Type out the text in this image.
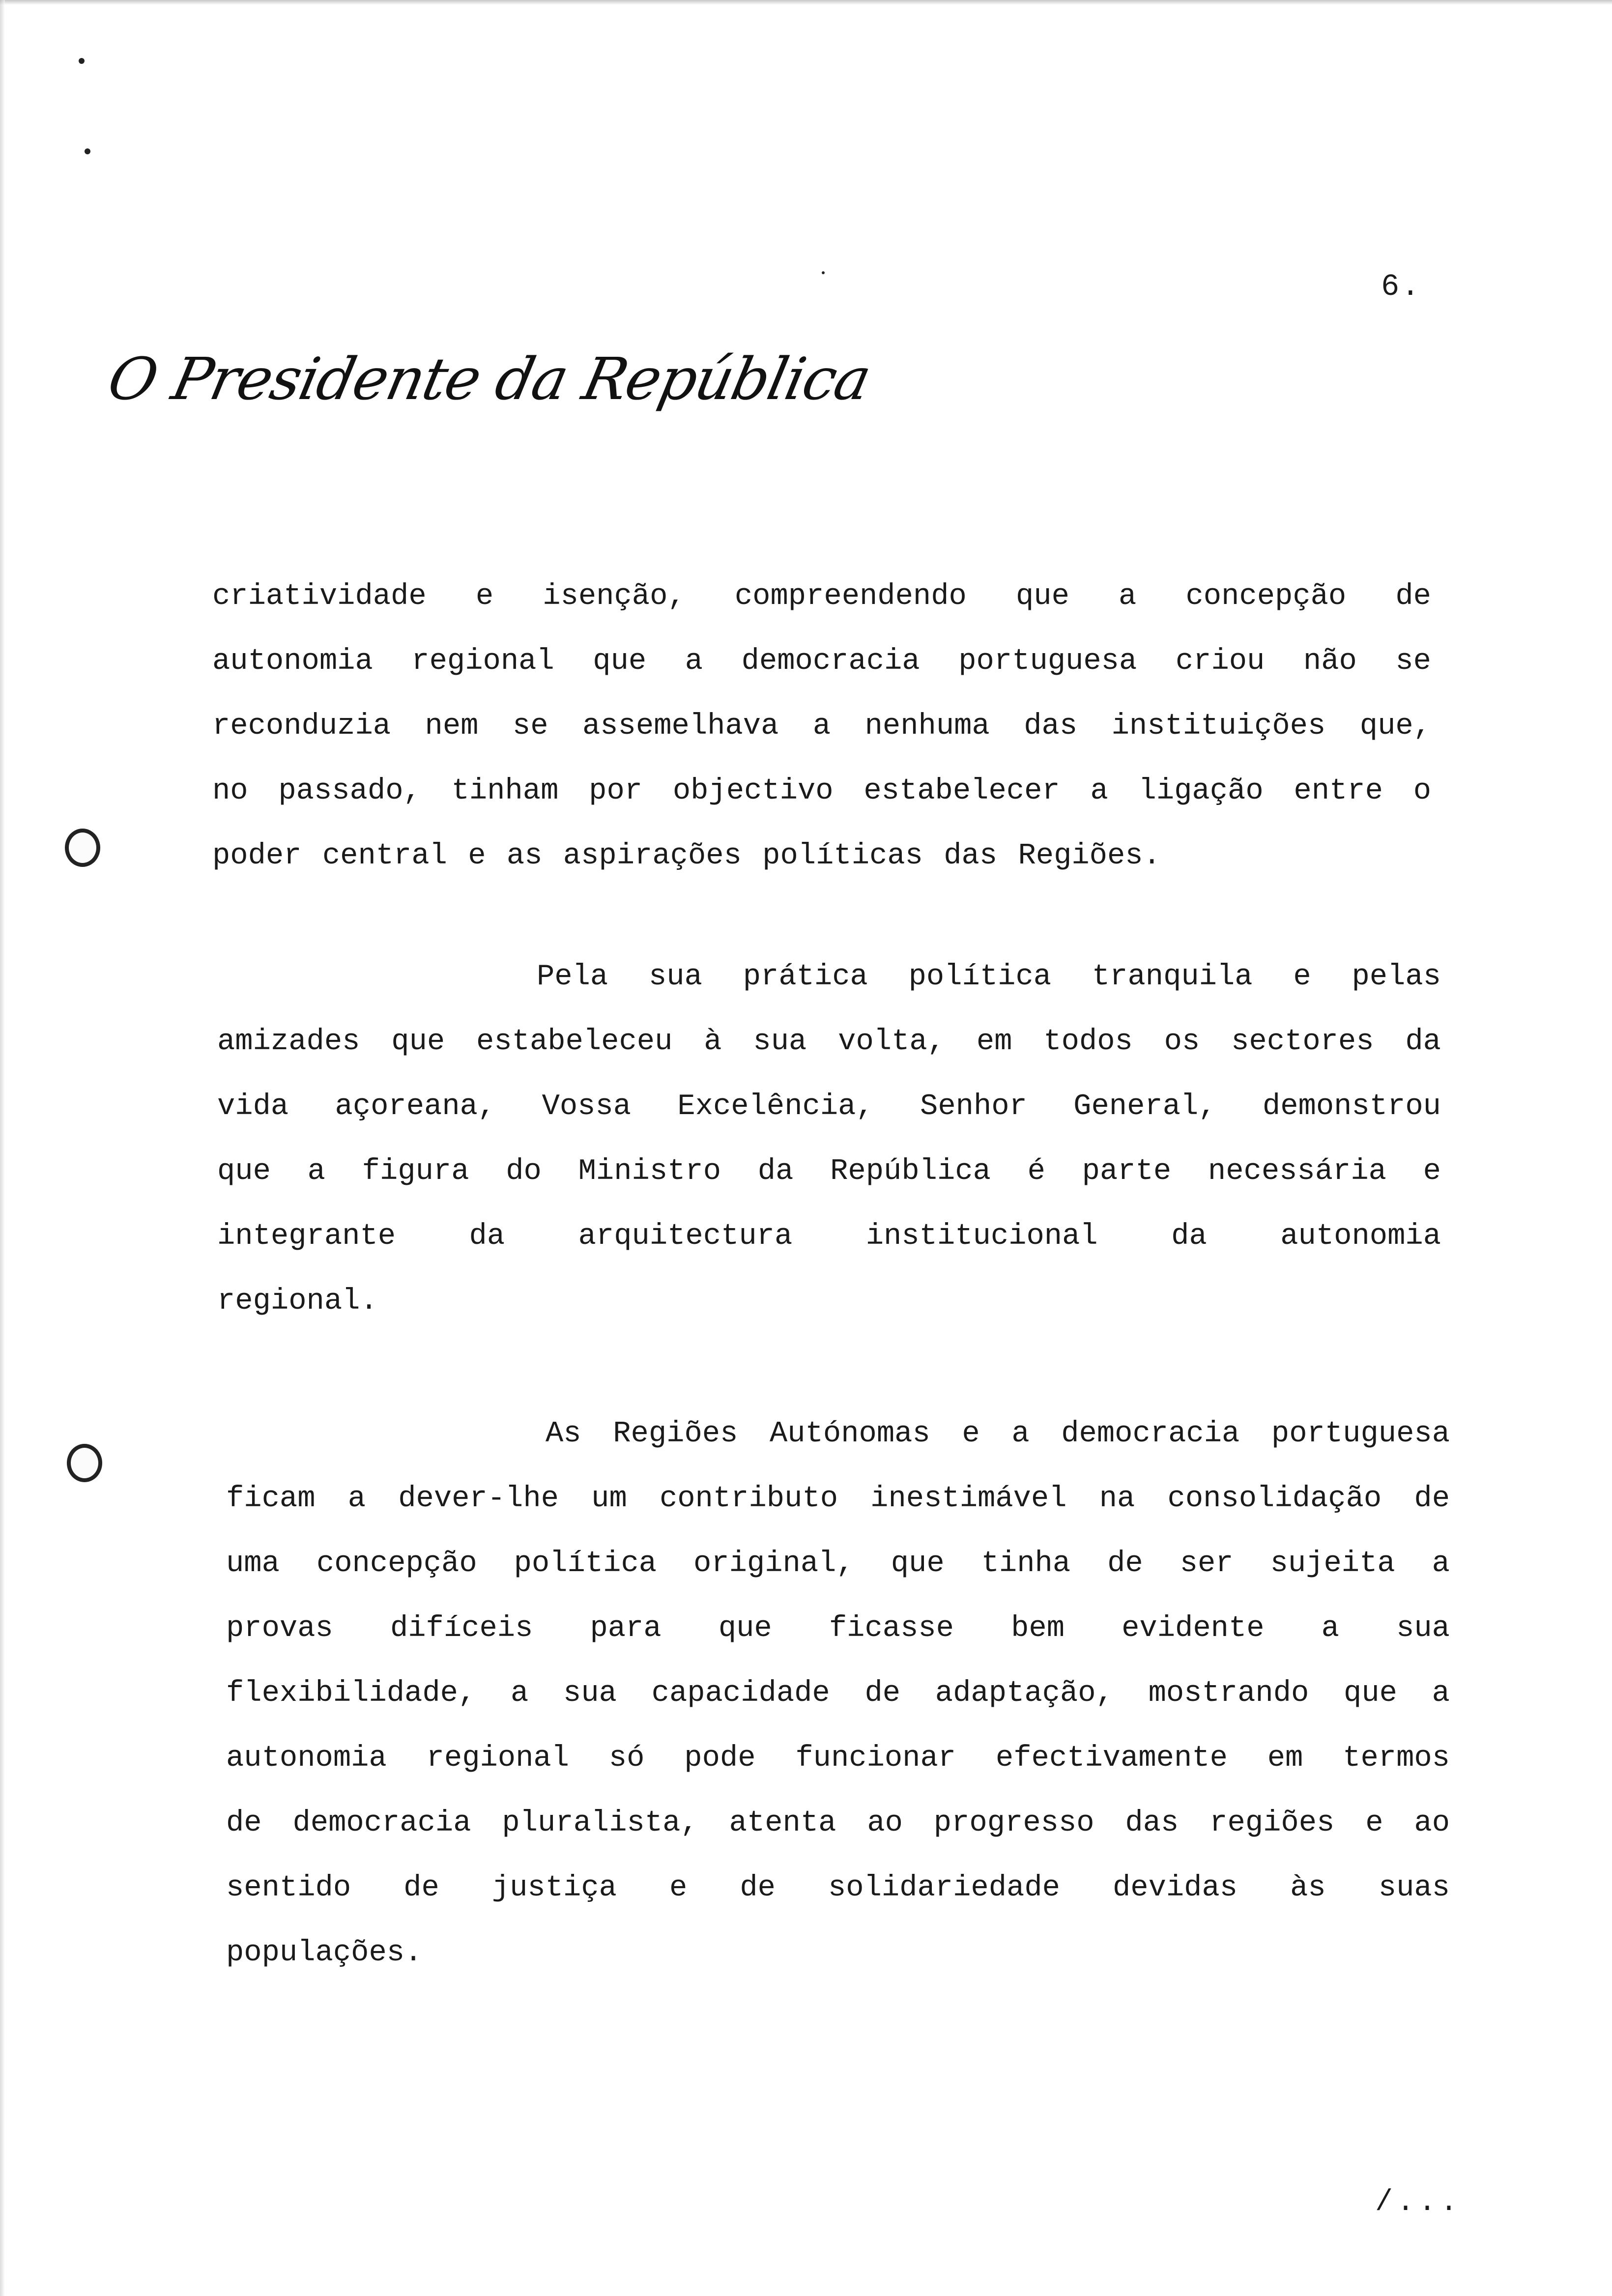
6.
O Presidente da República
criatividade e isenção, compreendendo que a concepção de
autonomia regional que a democracia portuguesa criou não se
reconduzia nem se assemelhava a nenhuma das instituições que,
no passado, tinham por objectivo estabelecer a ligação entre o
poder central e as aspirações políticas das Regiões.
Pela sua prática política tranquila e pelas
amizades que estabeleceu à sua volta, em todos os sectores da
vida açoreana, Vossa Excelência, Senhor General, demonstrou
que a figura do Ministro da República é parte necessária e
integrante da arquitectura institucional da autonomia
regional.
As Regiões Autónomas e a democracia portuguesa
ficam a dever-lhe um contributo inestimável na consolidação de
uma concepção política original, que tinha de ser sujeita a
provas difíceis para que ficasse bem evidente a sua
flexibilidade, a sua capacidade de adaptação, mostrando que a
autonomia regional só pode funcionar efectivamente em termos
de democracia pluralista, atenta ao progresso das regiões e ao
sentido de justiça e de solidariedade devidas às suas
populações.
/...
